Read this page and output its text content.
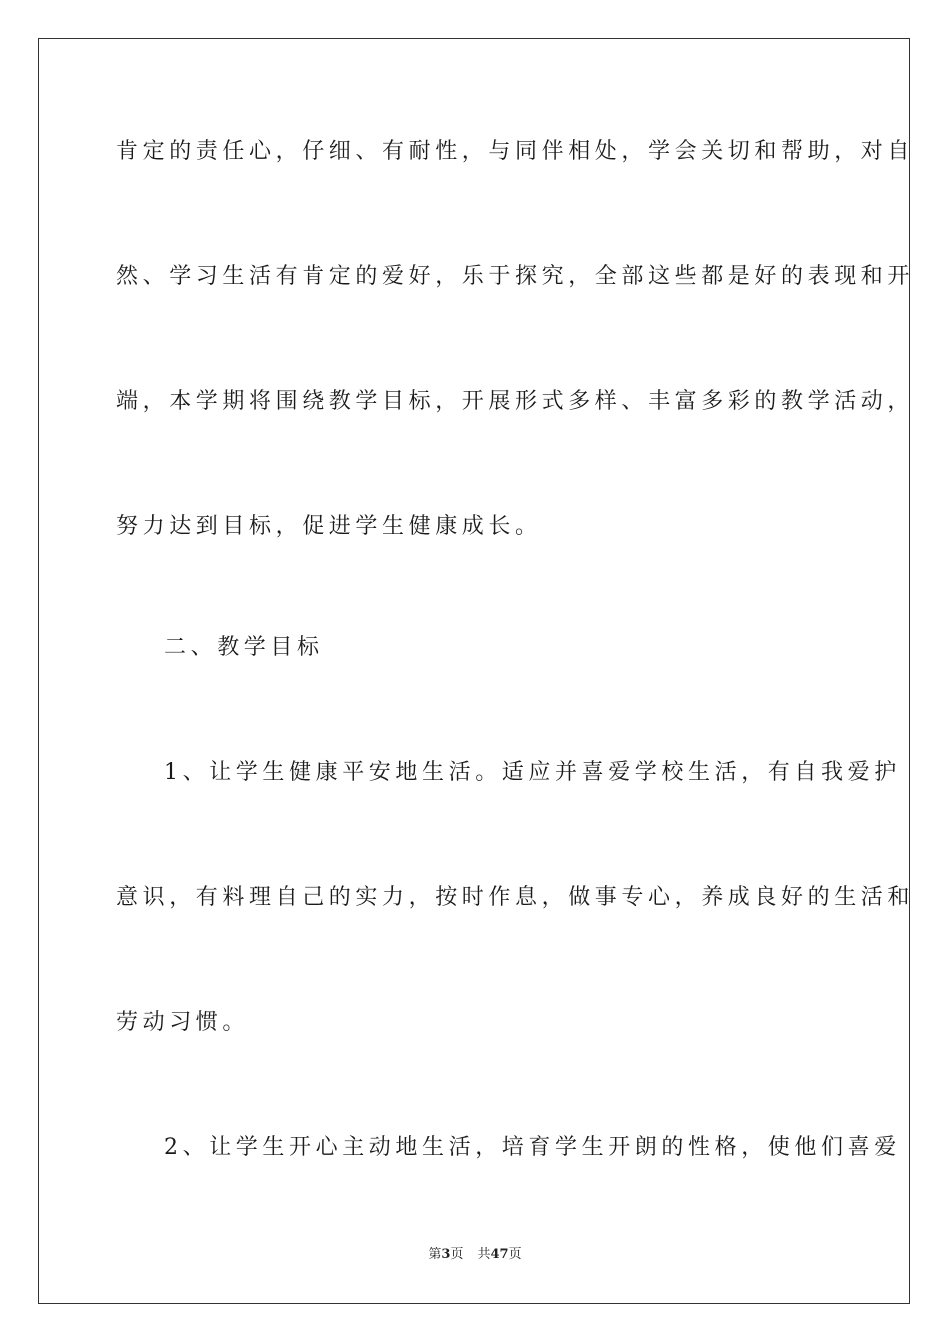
肯定的责任心，仔细、有耐性，与同伴相处，学会关切和帮助，对自
然、学习生活有肯定的爱好，乐于探究，全部这些都是好的表现和开
端，本学期将围绕教学目标，开展形式多样、丰富多彩的教学活动，
努力达到目标，促进学生健康成长。
二、教学目标
1、让学生健康平安地生活。适应并喜爱学校生活，有自我爱护
意识，有料理自己的实力，按时作息，做事专心，养成良好的生活和
劳动习惯。
2、让学生开心主动地生活，培育学生开朗的性格，使他们喜爱
第3页 共47页
